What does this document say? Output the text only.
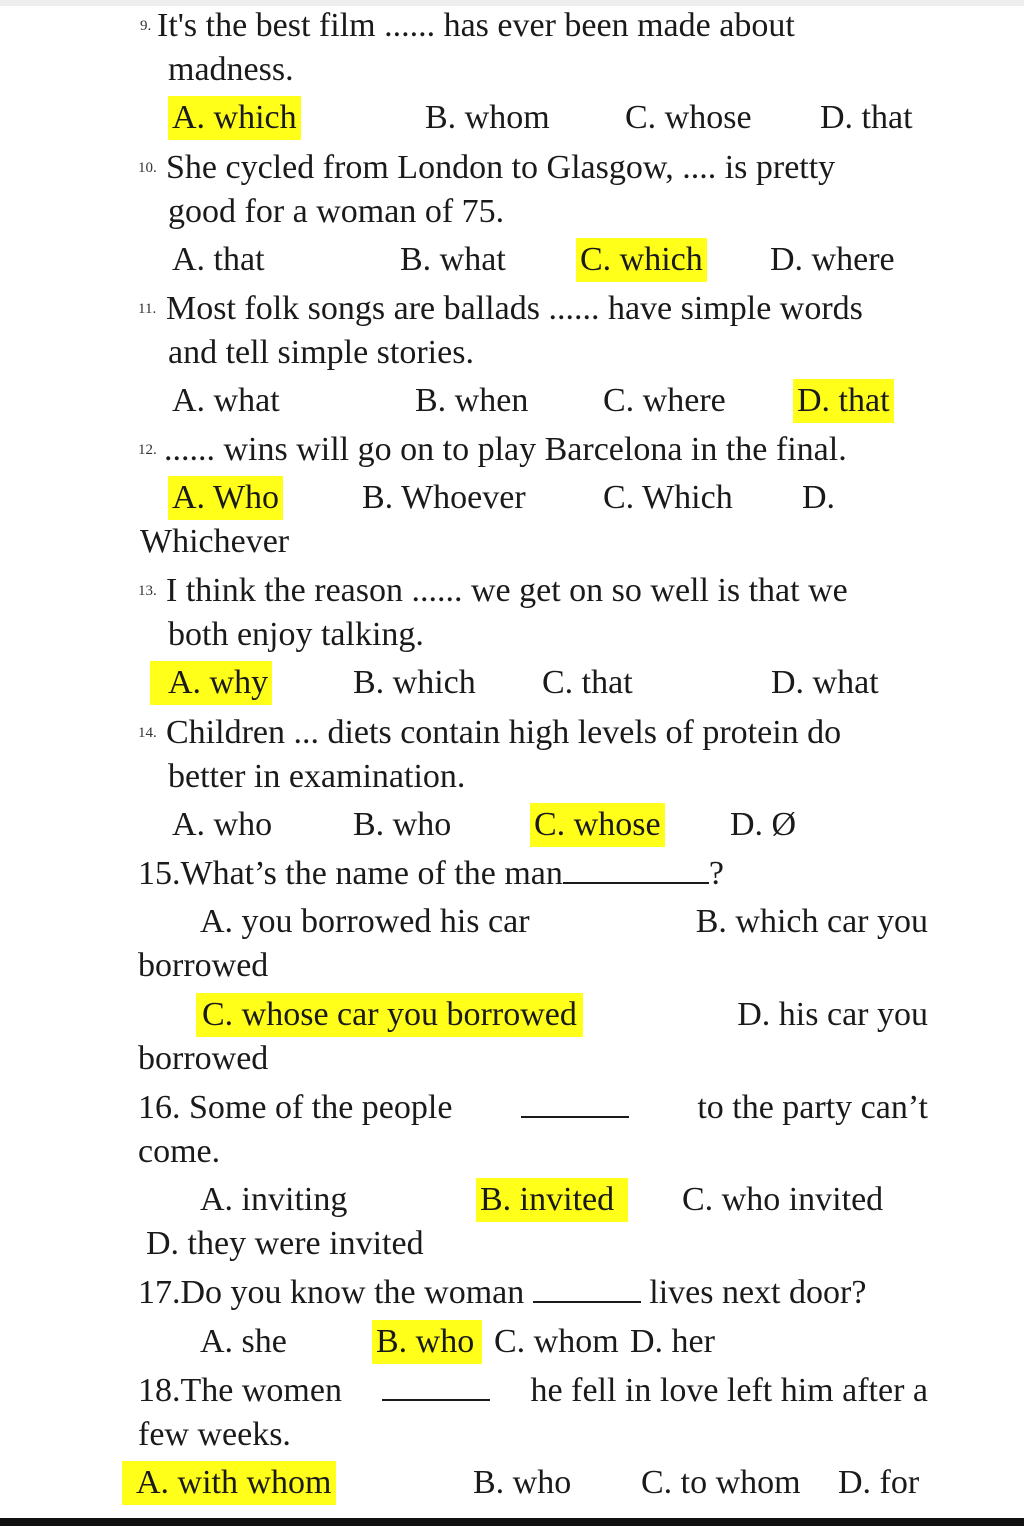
9. It's the best film ...... has ever been made about
madness.
A. which	B. whom C. whose D. that
10. She cycled from London to Glasgow, .... is pretty
good for a woman of 75.
A. that	B. what C. which D. where
11. Most folk songs are ballads ...... have simple words
and tell simple stories.
A. what	B. when C. where D. that
12. ...... wins will go on to play Barcelona in the final.
A. Who B. Whoever C. Which D.
Whichever
13. I think the reason ...... we get on so well is that we
both enjoy talking.
A. why B. which C. that	D. what
14. Children ... diets contain high levels of protein do
better in examination.
A. who B. who C. whose D. Ø
15.What’s the name of the man	?
A. you borrowed his car	B. which car you
borrowed
C. whose car you borrowed	D. his car you
borrowed
16. Some of the people	to the party can’t
come.
A. inviting	B. invited	C. who invited
D. they were invited
17.Do you know the woman	lives next door?
A. she	B. who C. whom D. her
18.The women	he fell in love left him after a
few weeks.
A. with whom	B. who C. to whom D. for
